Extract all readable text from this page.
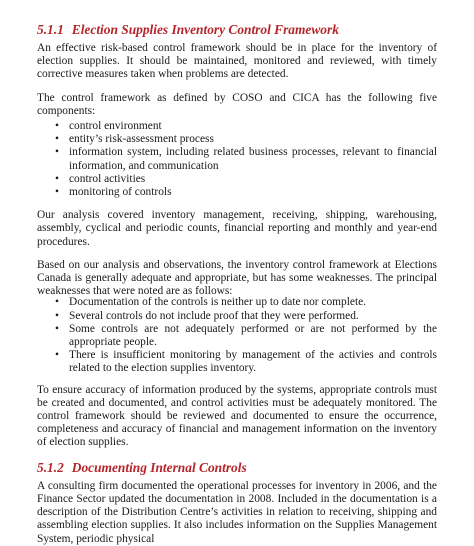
5.1.1 Election Supplies Inventory Control Framework

An effective risk-based control framework should be in place for the inventory of election supplies. It should be maintained, monitored and reviewed, with timely corrective measures taken when problems are detected.

The control framework as defined by COSO and CICA has the following five components:

• control environment
• entity’s risk-assessment process
• information system, including related business processes, relevant to financial information, and communication
• control activities
• monitoring of controls

Our analysis covered inventory management, receiving, shipping, warehousing, assembly, cyclical and periodic counts, financial reporting and monthly and year-end procedures.

Based on our analysis and observations, the inventory control framework at Elections Canada is generally adequate and appropriate, but has some weaknesses. The principal weaknesses that were noted are as follows:

• Documentation of the controls is neither up to date nor complete.
• Several controls do not include proof that they were performed.
• Some controls are not adequately performed or are not performed by the appropriate people.
• There is insufficient monitoring by management of the activies and controls related to the election supplies inventory.

To ensure accuracy of information produced by the systems, appropriate controls must be created and documented, and control activities must be adequately monitored. The control framework should be reviewed and documented to ensure the occurrence, completeness and accuracy of financial and management information on the inventory of election supplies.

5.1.2 Documenting Internal Controls

A consulting firm documented the operational processes for inventory in 2006, and the Finance Sector updated the documentation in 2008. Included in the documentation is a description of the Distribution Centre’s activities in relation to receiving, shipping and assembling election supplies. It also includes information on the Supplies Management System, periodic physical
